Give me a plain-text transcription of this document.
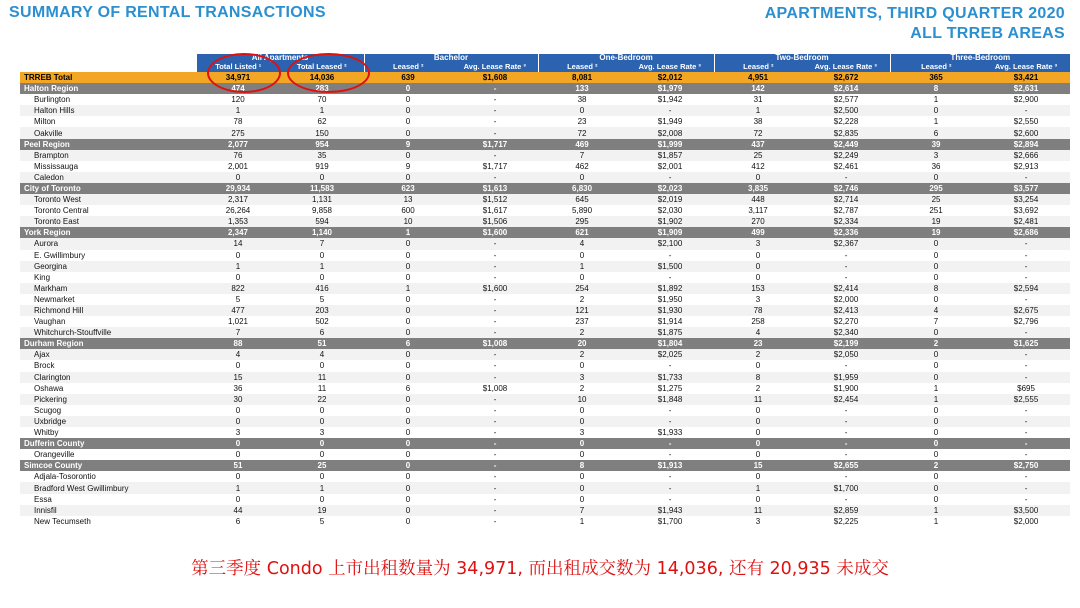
SUMMARY OF RENTAL TRANSACTIONS	APARTMENTS, THIRD QUARTER 2020
ALL TRREB AREAS
	All Apartments		Bachelor		One-Bedroom		Two-Bedroom		Three-Bedroom	
	Total Listed ¹	Total Leased ²	Leased ²	Avg. Lease Rate ³	Leased ²	Avg. Lease Rate ³	Leased ²	Avg. Lease Rate ³	Leased ²	Avg. Lease Rate ³
TRREB Total	34,971	14,036	639	$1,608	8,081	$2,012	4,951	$2,672	365	$3,421
Halton Region	474	283	0	-	133	$1,979	142	$2,614	8	$2,631
Burlington	120	70	0	-	38	$1,942	31	$2,577	1	$2,900
Halton Hills	1	1	0	-	0	-	1	$2,500	0	-
Milton	78	62	0	-	23	$1,949	38	$2,228	1	$2,550
Oakville	275	150	0	-	72	$2,008	72	$2,835	6	$2,600
Peel Region	2,077	954	9	$1,717	469	$1,999	437	$2,449	39	$2,894
Brampton	76	35	0	-	7	$1,857	25	$2,249	3	$2,666
Mississauga	2,001	919	9	$1,717	462	$2,001	412	$2,461	36	$2,913
Caledon	0	0	0	-	0	-	0	-	0	-
City of Toronto	29,934	11,583	623	$1,613	6,830	$2,023	3,835	$2,746	295	$3,577
Toronto West	2,317	1,131	13	$1,512	645	$2,019	448	$2,714	25	$3,254
Toronto Central	26,264	9,858	600	$1,617	5,890	$2,030	3,117	$2,787	251	$3,692
Toronto East	1,353	594	10	$1,506	295	$1,902	270	$2,334	19	$2,481
York Region	2,347	1,140	1	$1,600	621	$1,909	499	$2,336	19	$2,686
Aurora	14	7	0	-	4	$2,100	3	$2,367	0	-
E. Gwillimbury	0	0	0	-	0	-	0	-	0	-
Georgina	1	1	0	-	1	$1,500	0	-	0	-
King	0	0	0	-	0	-	0	-	0	-
Markham	822	416	1	$1,600	254	$1,892	153	$2,414	8	$2,594
Newmarket	5	5	0	-	2	$1,950	3	$2,000	0	-
Richmond Hill	477	203	0	-	121	$1,930	78	$2,413	4	$2,675
Vaughan	1,021	502	0	-	237	$1,914	258	$2,270	7	$2,796
Whitchurch-Stouffville	7	6	0	-	2	$1,875	4	$2,340	0	-
Durham Region	88	51	6	$1,008	20	$1,804	23	$2,199	2	$1,625
Ajax	4	4	0	-	2	$2,025	2	$2,050	0	-
Brock	0	0	0	-	0	-	0	-	0	-
Clarington	15	11	0	-	3	$1,733	8	$1,959	0	-
Oshawa	36	11	6	$1,008	2	$1,275	2	$1,900	1	$695
Pickering	30	22	0	-	10	$1,848	11	$2,454	1	$2,555
Scugog	0	0	0	-	0	-	0	-	0	-
Uxbridge	0	0	0	-	0	-	0	-	0	-
Whitby	3	3	0	-	3	$1,933	0	-	0	-
Dufferin County	0	0	0	-	0	-	0	-	0	-
Orangeville	0	0	0	-	0	-	0	-	0	-
Simcoe County	51	25	0	-	8	$1,913	15	$2,655	2	$2,750
Adjala-Tosorontio	0	0	0	-	0	-	0	-	0	-
Bradford West Gwillimbury	1	1	0	-	0	-	1	$1,700	0	-
Essa	0	0	0	-	0	-	0	-	0	-
Innisfil	44	19	0	-	7	$1,943	11	$2,859	1	$3,500
New Tecumseth	6	5	0	-	1	$1,700	3	$2,225	1	$2,000
第三季度 Condo 上市出租数量为 34,971, 而出租成交数为 14,036, 还有 20,935 未成交
